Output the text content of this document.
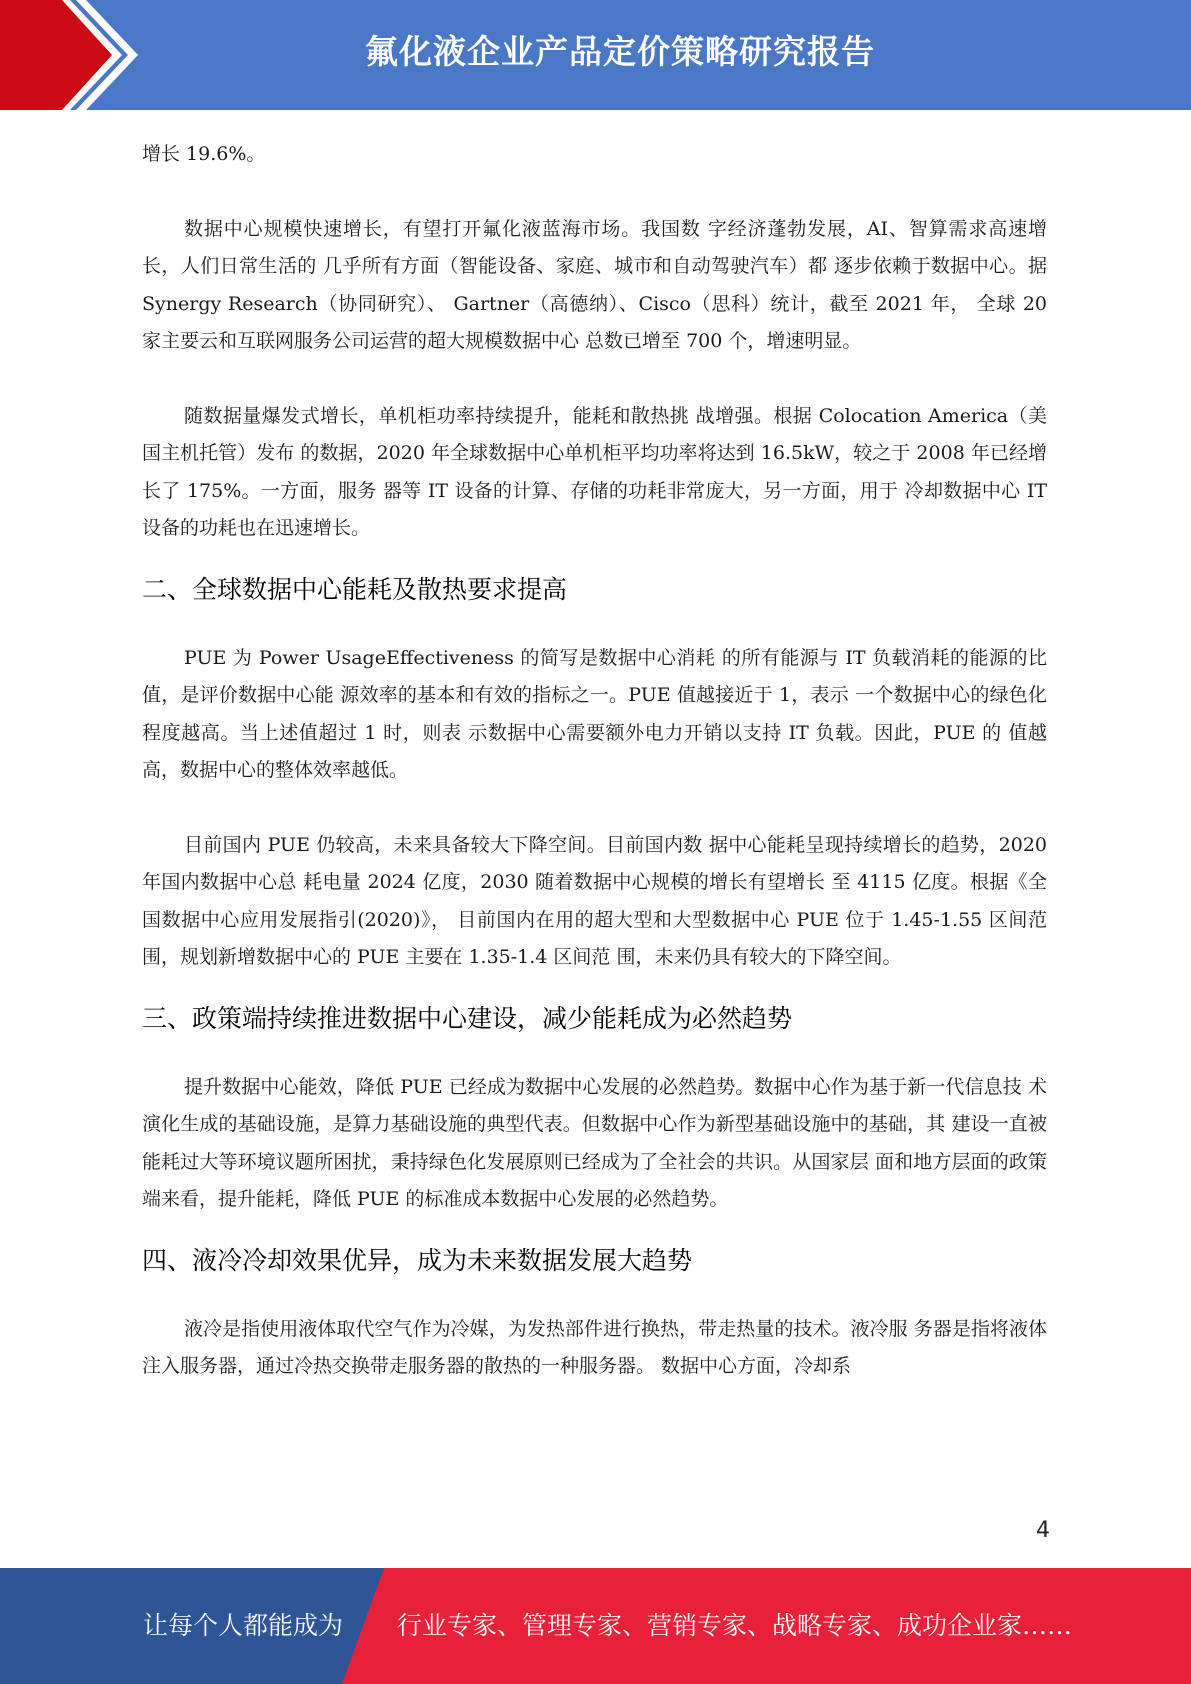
氟化液企业产品定价策略研究报告

增长 19.6%。

数据中心规模快速增长，有望打开氟化液蓝海市场。我国数 字经济蓬勃发展，AI、智算需求高速增长，人们日常生活的 几乎所有方面（智能设备、家庭、城市和自动驾驶汽车）都 逐步依赖于数据中心。据 Synergy Research（协同研究）、 Gartner（高德纳）、Cisco（思科）统计，截至 2021 年， 全球 20 家主要云和互联网服务公司运营的超大规模数据中心 总数已增至 700 个，增速明显。

随数据量爆发式增长，单机柜功率持续提升，能耗和散热挑 战增强。根据 Colocation America（美国主机托管）发布 的数据，2020 年全球数据中心单机柜平均功率将达到 16.5kW，较之于 2008 年已经增长了 175%。一方面，服务 器等 IT 设备的计算、存储的功耗非常庞大，另一方面，用于 冷却数据中心 IT 设备的功耗也在迅速增长。

二、全球数据中心能耗及散热要求提高

PUE 为 Power UsageEffectiveness 的简写是数据中心消耗 的所有能源与 IT 负载消耗的能源的比值，是评价数据中心能 源效率的基本和有效的指标之一。PUE 值越接近于 1，表示 一个数据中心的绿色化程度越高。当上述值超过 1 时，则表 示数据中心需要额外电力开销以支持 IT 负载。因此，PUE 的 值越高，数据中心的整体效率越低。

目前国内 PUE 仍较高，未来具备较大下降空间。目前国内数 据中心能耗呈现持续增长的趋势，2020 年国内数据中心总 耗电量 2024 亿度，2030 随着数据中心规模的增长有望增长 至 4115 亿度。根据《全国数据中心应用发展指引(2020)》， 目前国内在用的超大型和大型数据中心 PUE 位于 1.45-1.55 区间范围，规划新增数据中心的 PUE 主要在 1.35-1.4 区间范 围，未来仍具有较大的下降空间。

三、政策端持续推进数据中心建设，减少能耗成为必然趋势

提升数据中心能效，降低 PUE 已经成为数据中心发展的必然趋势。数据中心作为基于新一代信息技 术演化生成的基础设施，是算力基础设施的典型代表。但数据中心作为新型基础设施中的基础，其 建设一直被能耗过大等环境议题所困扰，秉持绿色化发展原则已经成为了全社会的共识。从国家层 面和地方层面的政策端来看，提升能耗，降低 PUE 的标准成本数据中心发展的必然趋势。

四、液冷冷却效果优异，成为未来数据发展大趋势

液冷是指使用液体取代空气作为冷媒，为发热部件进行换热，带走热量的技术。液冷服 务器是指将液体注入服务器，通过冷热交换带走服务器的散热的一种服务器。 数据中心方面，冷却系

4
让每个人都能成为 行业专家、管理专家、营销专家、战略专家、成功企业家……
